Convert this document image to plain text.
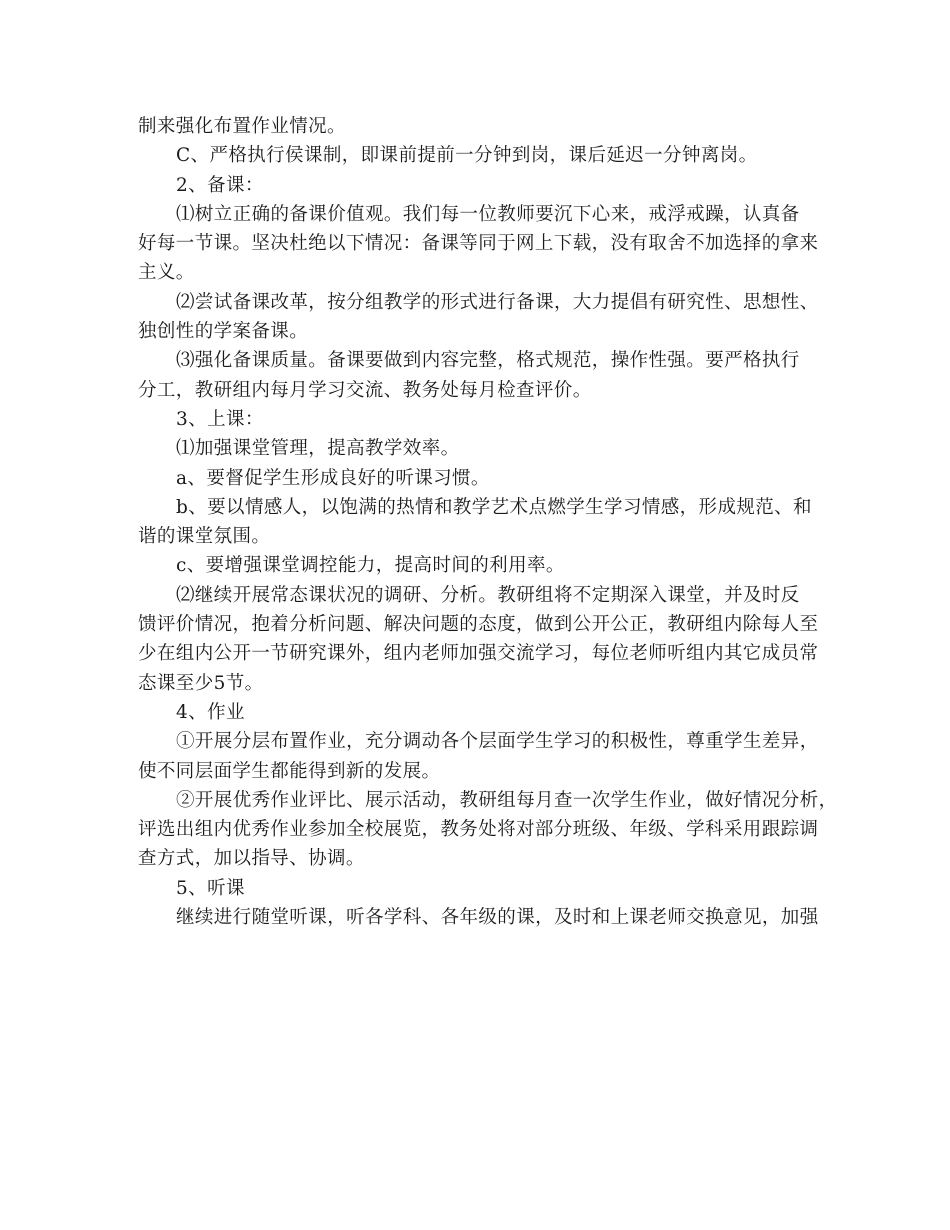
制来强化布置作业情况。
C、严格执行侯课制，即课前提前一分钟到岗，课后延迟一分钟离岗。
2、备课：
⑴树立正确的备课价值观。我们每一位教师要沉下心来，戒浮戒躁，认真备
好每一节课。坚决杜绝以下情况：备课等同于网上下载，没有取舍不加选择的拿来
主义。
⑵尝试备课改革，按分组教学的形式进行备课，大力提倡有研究性、思想性、
独创性的学案备课。
⑶强化备课质量。备课要做到内容完整，格式规范，操作性强。要严格执行
分工，教研组内每月学习交流、教务处每月检查评价。
3、上课：
⑴加强课堂管理，提高教学效率。
a、要督促学生形成良好的听课习惯。
b、要以情感人，以饱满的热情和教学艺术点燃学生学习情感，形成规范、和
谐的课堂氛围。
c、要增强课堂调控能力，提高时间的利用率。
⑵继续开展常态课状况的调研、分析。教研组将不定期深入课堂，并及时反
馈评价情况，抱着分析问题、解决问题的态度，做到公开公正，教研组内除每人至
少在组内公开一节研究课外，组内老师加强交流学习，每位老师听组内其它成员常
态课至少5节。
4、作业
①开展分层布置作业，充分调动各个层面学生学习的积极性，尊重学生差异，
使不同层面学生都能得到新的发展。
②开展优秀作业评比、展示活动，教研组每月查一次学生作业，做好情况分析，
评选出组内优秀作业参加全校展览，教务处将对部分班级、年级、学科采用跟踪调
查方式，加以指导、协调。
5、听课
继续进行随堂听课，听各学科、各年级的课，及时和上课老师交换意见，加强
